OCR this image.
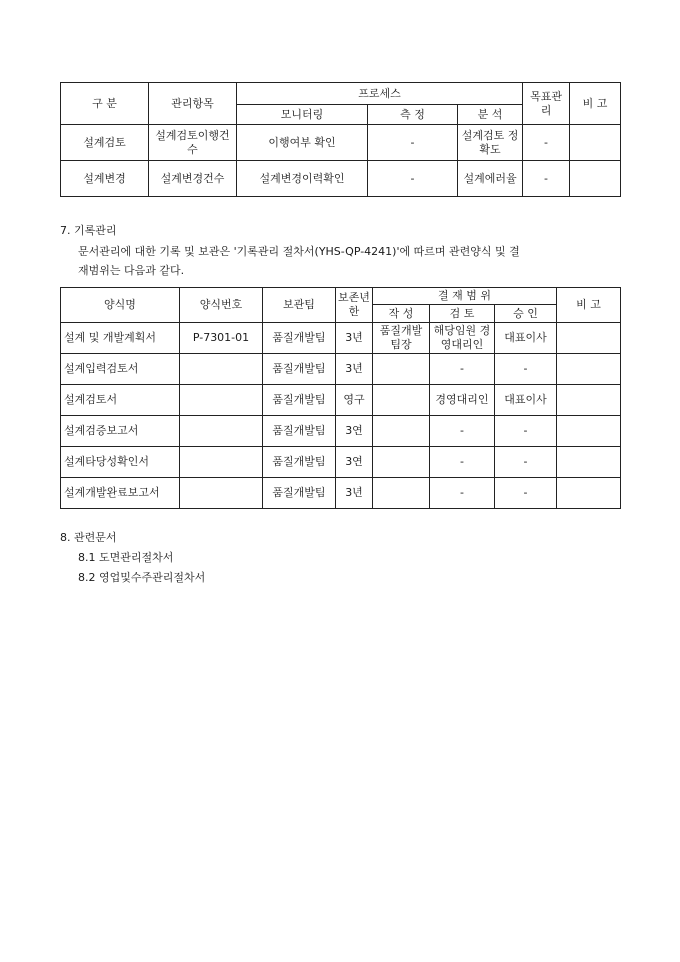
구 분	관리항목	프로세스			목표관리	비 고
		모니터링	측 정	분 석		
설계검토	설계검토이행건수	이행여부 확인	-	설계검토 정확도	-	
설계변경	설계변경건수	설계변경이력확인	-	설계에러율	-	
7. 기록관리
문서관리에 대한 기록 및 보관은 '기록관리 절차서(YHS-QP-4241)'에 따르며 관련양식 및 결
재범위는 다음과 같다.
양식명	양식번호	보관팀	보존년한	결 재 범 위			비 고
				작 성	검 토	승 인	
설계 및 개발계획서	P-7301-01	품질개발팀	3년	품질개발팀장	해당임원 경영대리인	대표이사	
설계입력검토서		품질개발팀	3년		-	-	
설계검토서		품질개발팀	영구		경영대리인	대표이사	
설계검증보고서		품질개발팀	3연		-	-	
설계타당성확인서		품질개발팀	3연		-	-	
설계개발완료보고서		품질개발팀	3년		-	-	
8. 관련문서
8.1 도면관리절차서
8.2 영업및수주관리절차서
